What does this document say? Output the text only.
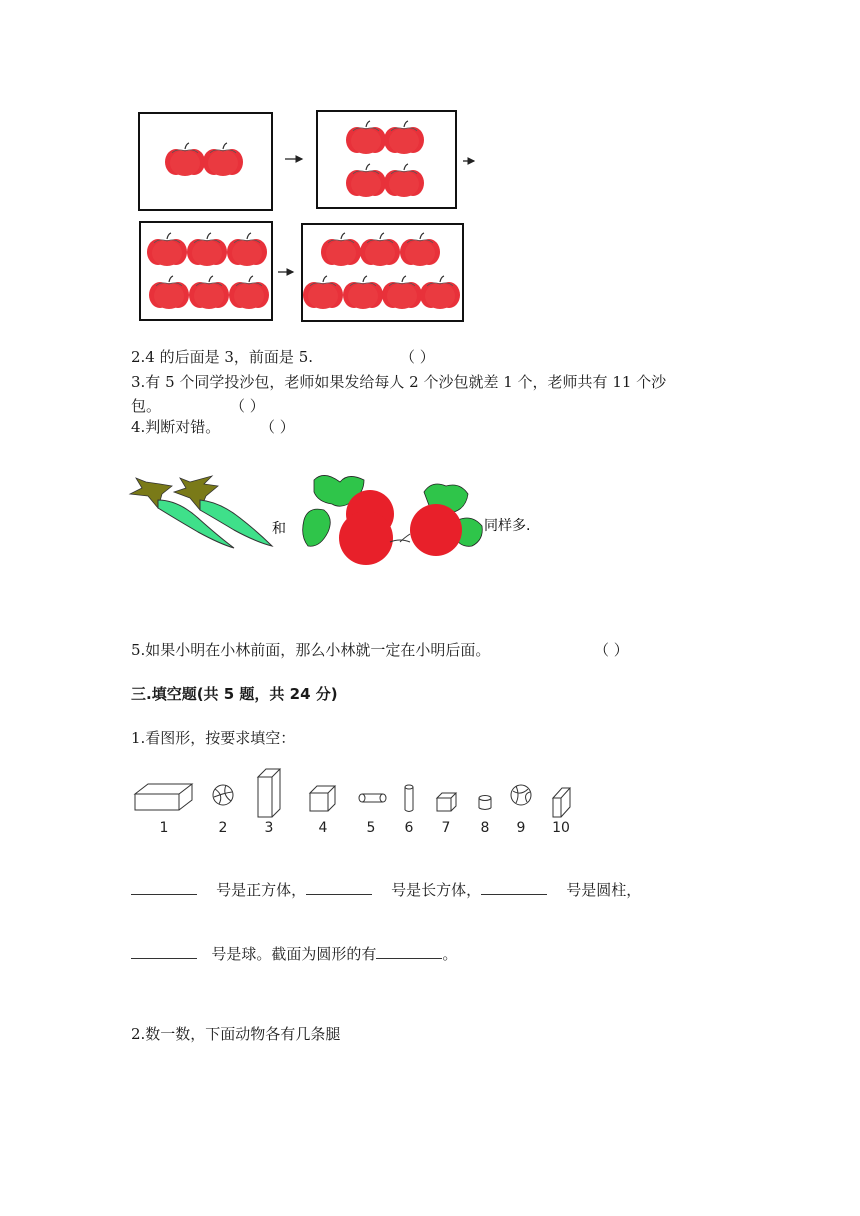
2.4 的后面是 3，前面是 5.	（ ）
3.有 5 个同学投沙包，老师如果发给每人 2 个沙包就差 1 个，老师共有 11 个沙
包。	（ ）
4.判断对错。	（ ）
和	同样多.
5.如果小明在小林前面，那么小林就一定在小明后面。	（ ）
三.填空题(共 5 题，共 24 分)
1.看图形，按要求填空：
1	2	3	4	5 6 7 8 9 10
号是正方体，	号是长方体，	号是圆柱，
号是球。截面为圆形的有	。
2.数一数，下面动物各有几条腿
